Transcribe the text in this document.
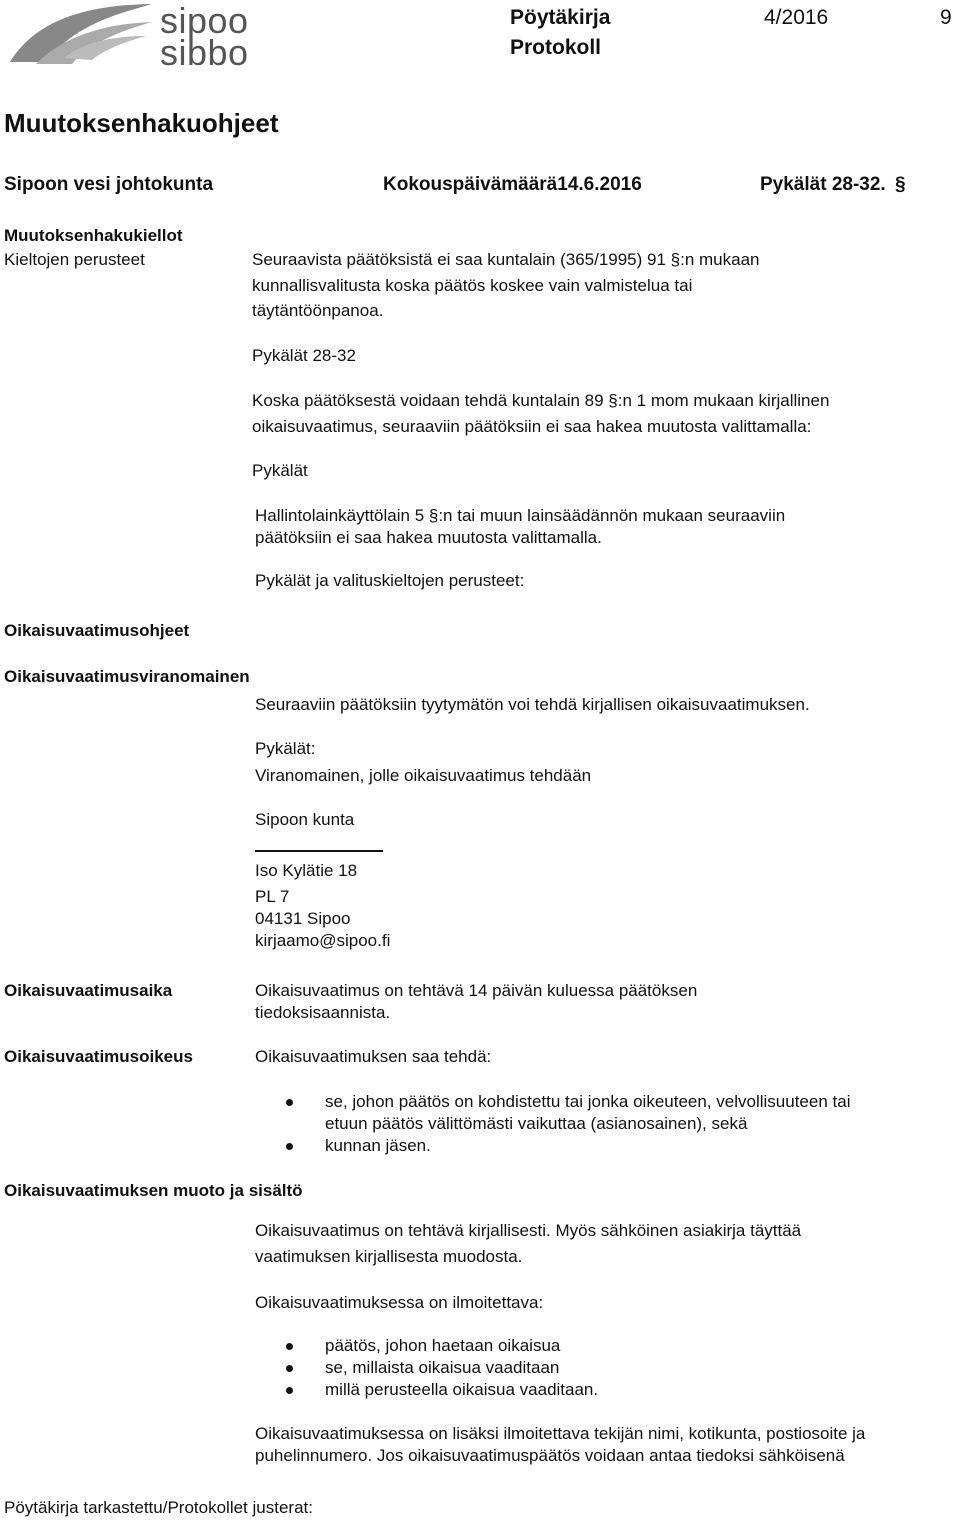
sipoo
sibbo
Pöytäkirja
Protokoll
4/2016	9
Muutoksenhakuohjeet
Sipoon vesi johtokunta	Kokouspäivämäärä14.6.2016	Pykälät 28-32. §
Muutoksenhakukiellot
Kieltojen perusteet	Seuraavista päätöksistä ei saa kuntalain (365/1995) 91 §:n mukaan
kunnallisvalitusta koska päätös koskee vain valmistelua tai
täytäntöönpanoa.
Pykälät 28-32
Koska päätöksestä voidaan tehdä kuntalain 89 §:n 1 mom mukaan kirjallinen
oikaisuvaatimus, seuraaviin päätöksiin ei saa hakea muutosta valittamalla:
Pykälät
Hallintolainkäyttölain 5 §:n tai muun lainsäädännön mukaan seuraaviin
päätöksiin ei saa hakea muutosta valittamalla.
Pykälät ja valituskieltojen perusteet:
Oikaisuvaatimusohjeet
Oikaisuvaatimusviranomainen
Seuraaviin päätöksiin tyytymätön voi tehdä kirjallisen oikaisuvaatimuksen.
Pykälät:
Viranomainen, jolle oikaisuvaatimus tehdään
Sipoon kunta
Iso Kylätie 18
PL 7
04131 Sipoo
kirjaamo@sipoo.fi
Oikaisuvaatimusaika	Oikaisuvaatimus on tehtävä 14 päivän kuluessa päätöksen
tiedoksisaannista.
Oikaisuvaatimusoikeus	Oikaisuvaatimuksen saa tehdä:
se, johon päätös on kohdistettu tai jonka oikeuteen, velvollisuuteen tai
etuun päätös välittömästi vaikuttaa (asianosainen), sekä
kunnan jäsen.
Oikaisuvaatimuksen muoto ja sisältö
Oikaisuvaatimus on tehtävä kirjallisesti. Myös sähköinen asiakirja täyttää
vaatimuksen kirjallisesta muodosta.
Oikaisuvaatimuksessa on ilmoitettava:
päätös, johon haetaan oikaisua
se, millaista oikaisua vaaditaan
millä perusteella oikaisua vaaditaan.
Oikaisuvaatimuksessa on lisäksi ilmoitettava tekijän nimi, kotikunta, postiosoite ja
puhelinnumero. Jos oikaisuvaatimuspäätös voidaan antaa tiedoksi sähköisenä
Pöytäkirja tarkastettu/Protokollet justerat:
